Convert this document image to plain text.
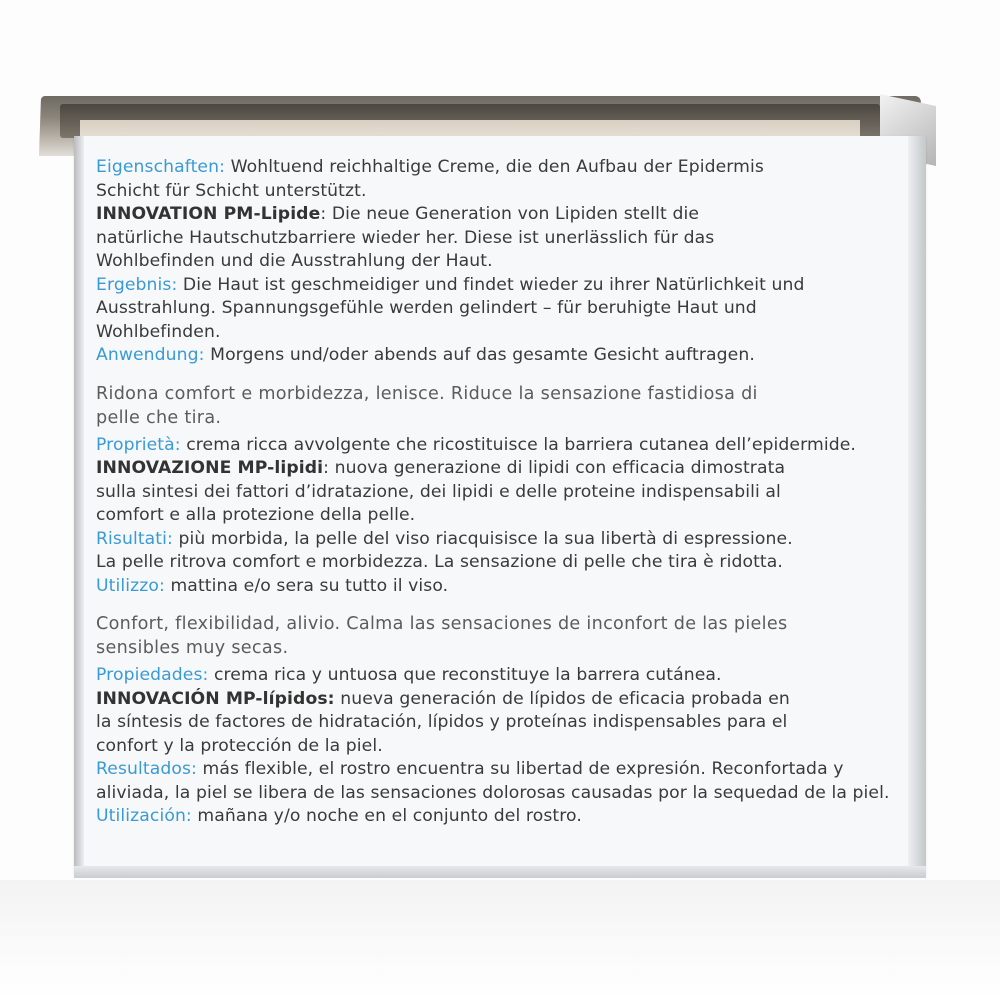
Eigenschaften: Wohltuend reichhaltige Creme, die den Aufbau der Epidermis
Schicht für Schicht unterstützt.
INNOVATION PM-Lipide: Die neue Generation von Lipiden stellt die
natürliche Hautschutzbarriere wieder her. Diese ist unerlässlich für das
Wohlbefinden und die Ausstrahlung der Haut.
Ergebnis: Die Haut ist geschmeidiger und findet wieder zu ihrer Natürlichkeit und
Ausstrahlung. Spannungsgefühle werden gelindert – für beruhigte Haut und
Wohlbefinden.
Anwendung: Morgens und/oder abends auf das gesamte Gesicht auftragen.
Ridona comfort e morbidezza, lenisce. Riduce la sensazione fastidiosa di
pelle che tira.
Proprietà: crema ricca avvolgente che ricostituisce la barriera cutanea dell’epidermide.
INNOVAZIONE MP-lipidi: nuova generazione di lipidi con efficacia dimostrata
sulla sintesi dei fattori d’idratazione, dei lipidi e delle proteine indispensabili al
comfort e alla protezione della pelle.
Risultati: più morbida, la pelle del viso riacquisisce la sua libertà di espressione.
La pelle ritrova comfort e morbidezza. La sensazione di pelle che tira è ridotta.
Utilizzo: mattina e/o sera su tutto il viso.
Confort, flexibilidad, alivio. Calma las sensaciones de inconfort de las pieles
sensibles muy secas.
Propiedades: crema rica y untuosa que reconstituye la barrera cutánea.
INNOVACIÓN MP-lípidos: nueva generación de lípidos de eficacia probada en
la síntesis de factores de hidratación, lípidos y proteínas indispensables para el
confort y la protección de la piel.
Resultados: más flexible, el rostro encuentra su libertad de expresión. Reconfortada y
aliviada, la piel se libera de las sensaciones dolorosas causadas por la sequedad de la piel.
Utilización: mañana y/o noche en el conjunto del rostro.
